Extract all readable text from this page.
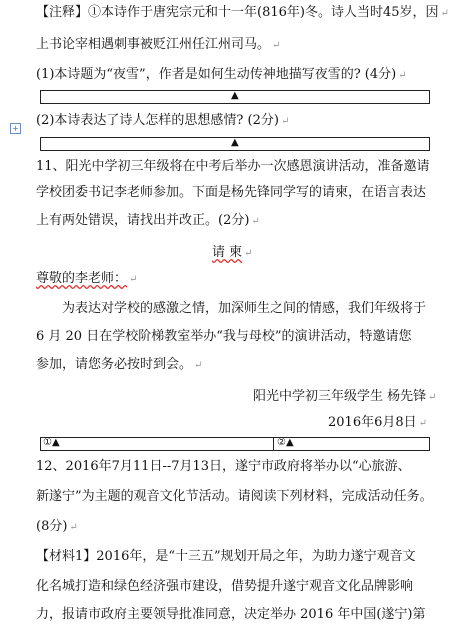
【注释】①本诗作于唐宪宗元和十一年(816年)冬。诗人当时45岁，因 ↵
上书论宰相遇刺事被贬江州任江州司马。 ↵
(1)本诗题为“夜雪”，作者是如何生动传神地描写夜雪的? (4分) ↵
▲
+
(2)本诗表达了诗人怎样的思想感情? (2分) ↵
▲
11、阳光中学初三年级将在中考后举办一次感恩演讲活动，准备邀请
学校团委书记李老师参加。下面是杨先锋同学写的请柬，在语言表达
上有两处错误，请找出并改正。(2分) ↵
请 柬 ↵
尊敬的李老师： ↵
为表达对学校的感激之情，加深师生之间的情感，我们年级将于
6 月 20 日在学校阶梯教室举办“我与母校”的演讲活动，特邀请您
参加，请您务必按时到会。 ↵
阳光中学初三年级学生 杨先锋 ↵
2016年6月8日 ↵
①▲	②▲
12、2016年7月11日--7月13日，遂宁市政府将举办以“心旅游、
新遂宁”为主题的观音文化节活动。请阅读下列材料，完成活动任务。
(8分) ↵
【材料1】2016年，是“十三五”规划开局之年，为助力遂宁观音文
化名城打造和绿色经济强市建设，借势提升遂宁观音文化品牌影响
力，报请市政府主要领导批准同意，决定举办 2016 年中国(遂宁)第
